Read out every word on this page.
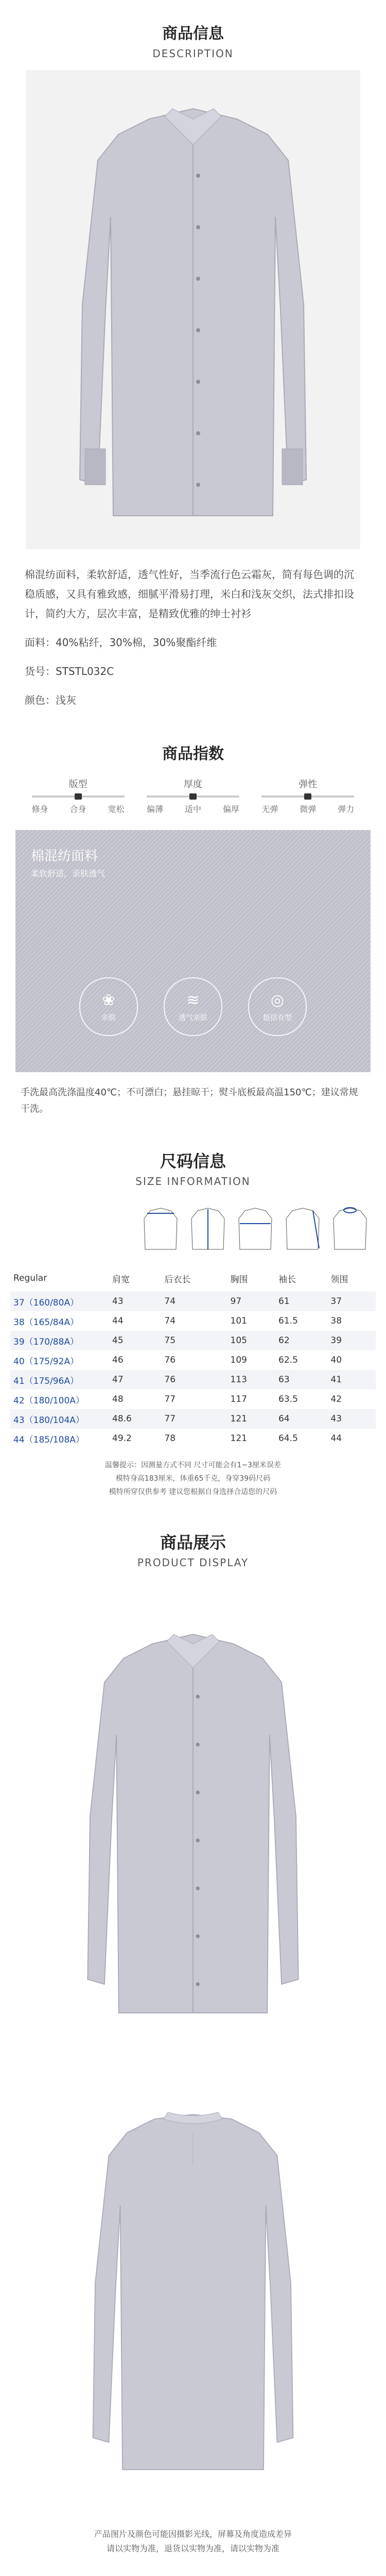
商品信息
DESCRIPTION

棉混纺面料，柔软舒适，透气性好，当季流行色云霜灰，简有每色调的沉稳质感，又具有雅致感，细腻平滑易打理，米白和浅灰交织，法式排扣设计，简约大方，层次丰富，是精致优雅的绅士衬衫

面料：40%粘纤，30%棉，30%聚酯纤维

货号：STSTL032C

颜色：浅灰

商品指数
版型
修身	合身	宽松
厚度
偏薄	适中	偏厚
弹性
无弹	微弹	弹力
棉混纺面料
柔软舒适，亲肤透气
❀
亲肤
≋
透气亲肤
◎
挺括有型
手洗最高洗涤温度40℃；不可漂白；悬挂晾干；熨斗底板最高温150℃；建议常规干洗。
尺码信息
SIZE INFORMATION
Regular	肩宽	后衣长	胸围	袖长	领围
37（160/80A）	43	74	97	61	37
38（165/84A）	44	74	101	61.5	38
39（170/88A）	45	75	105	62	39
40（175/92A）	46	76	109	62.5	40
41（175/96A）	47	76	113	63	41
42（180/100A）	48	77	117	63.5	42
43（180/104A）	48.6	77	121	64	43
44（185/108A）	49.2	78	121	64.5	44
温馨提示：因测量方式不同 尺寸可能会有1~3厘米误差
模特身高183厘米，体重65千克，身穿39码尺码
模特所穿仅供参考 建议您根据自身选择合适您的尺码
商品展示
PRODUCT DISPLAY
产品图片及颜色可能因摄影光线，屏幕及角度造成差异
请以实物为准，退货以实物为准，请以实物为准
